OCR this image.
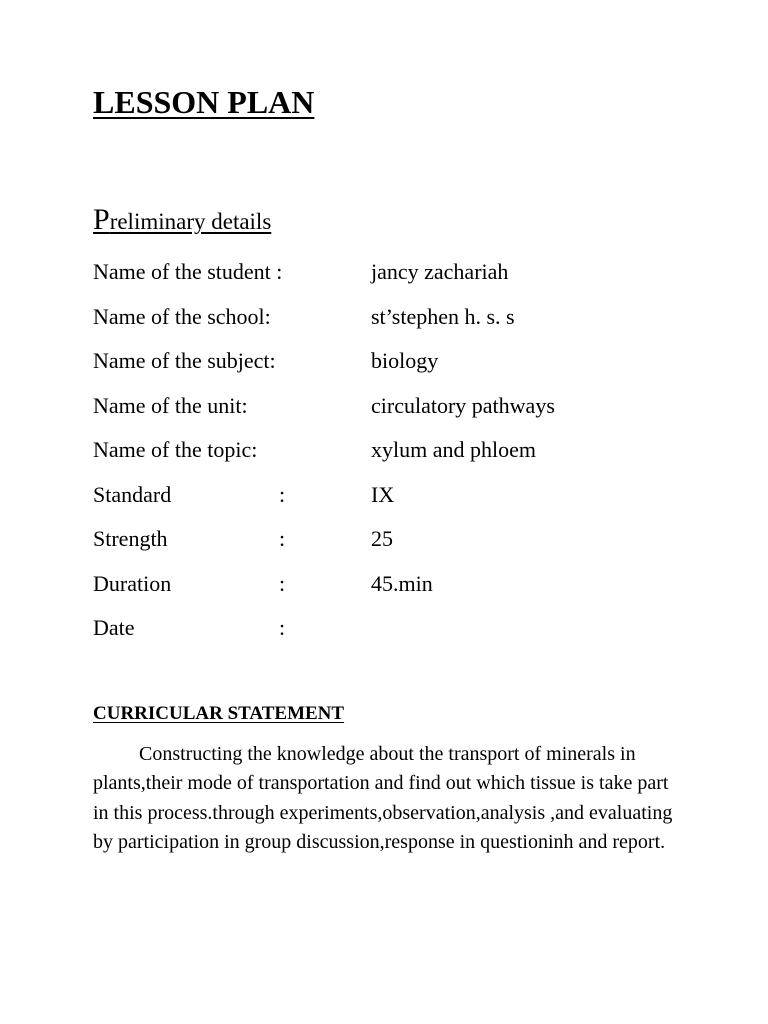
LESSON PLAN
Preliminary details
Name of the student :	jancy zachariah
Name of the school:	st’stephen h. s. s
Name of the subject:	biology
Name of the unit:	circulatory pathways
Name of the topic:	xylum and phloem
Standard	:	IX
Strength	:	25
Duration	:	45.min
Date	:
CURRICULAR STATEMENT
Constructing the knowledge about the transport of minerals in plants,their mode of transportation and find out which tissue is take part in this process.through experiments,observation,analysis ,and evaluating by participation in group discussion,response in questioninh and report.
